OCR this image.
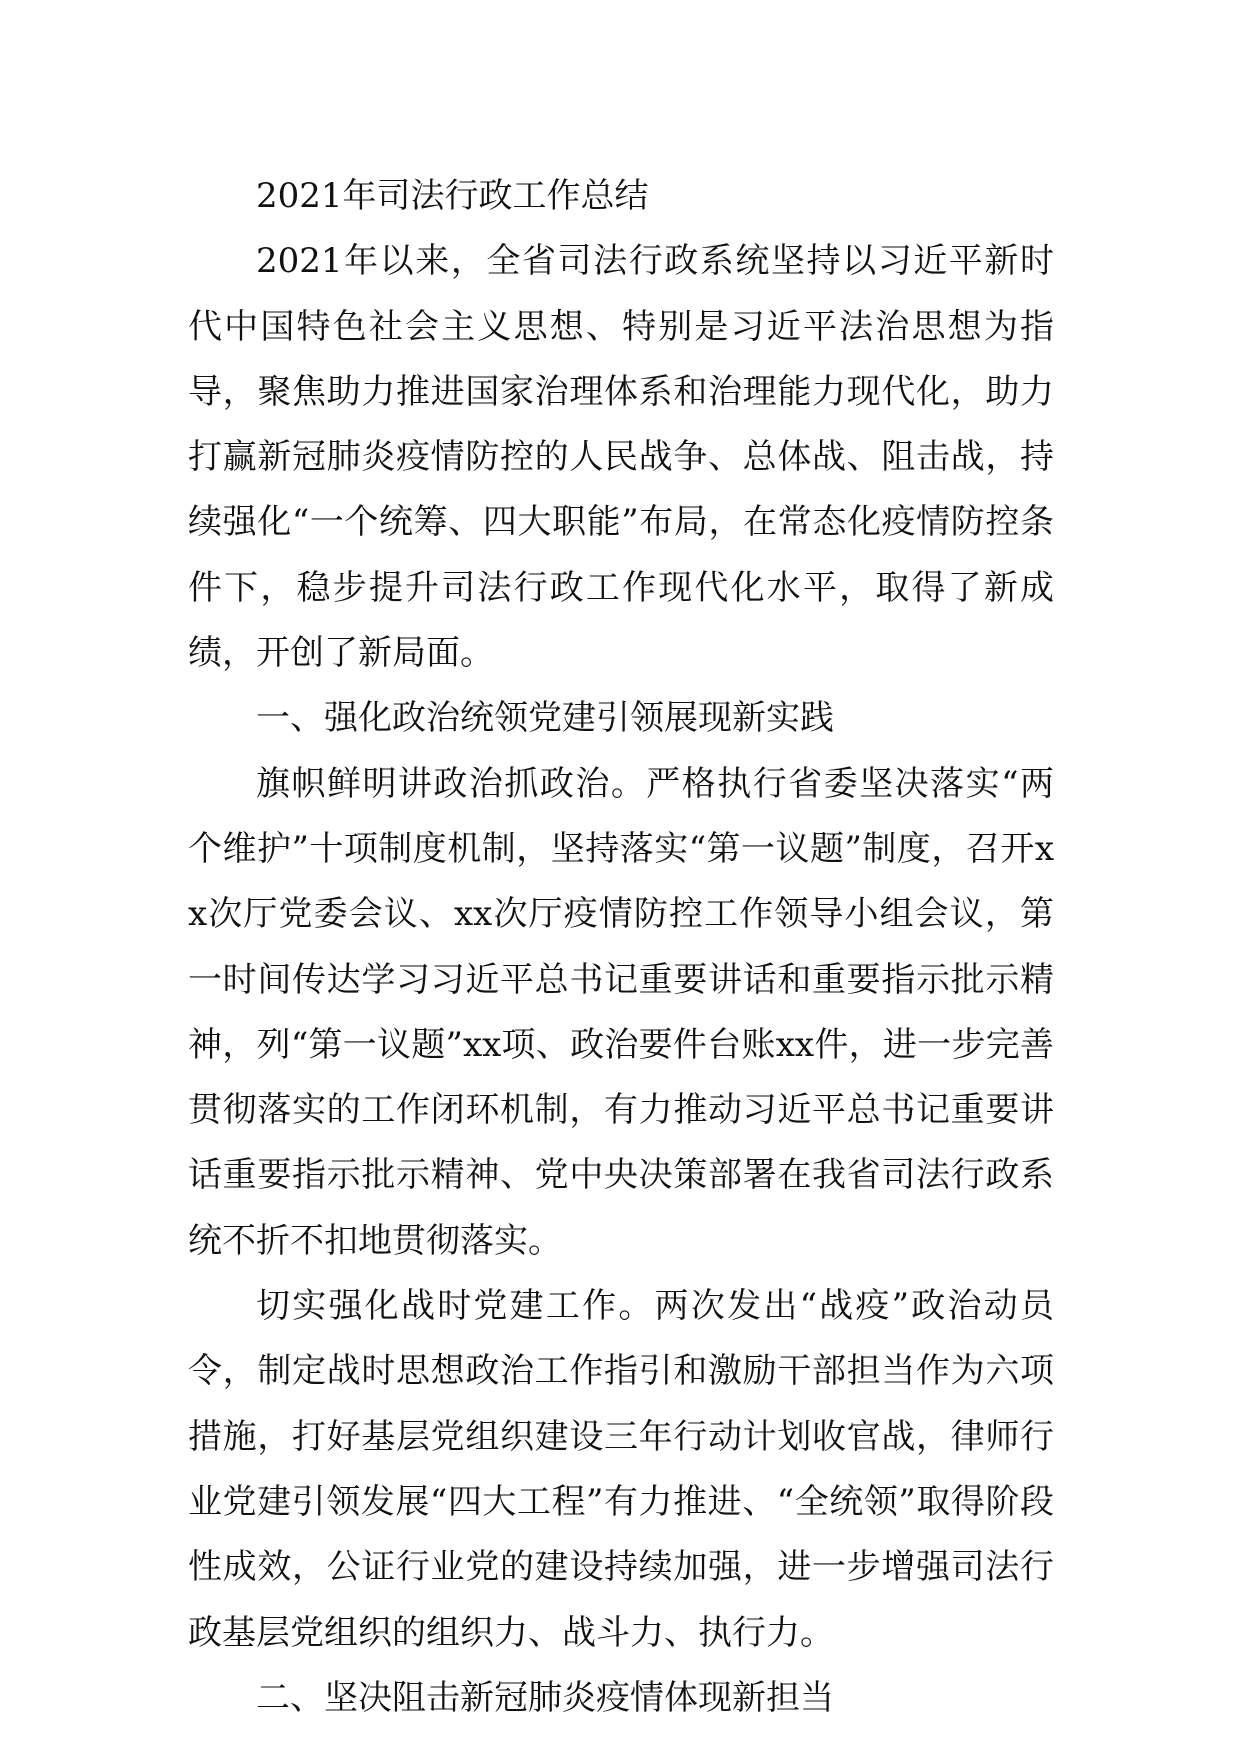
2021年司法行政工作总结

2021年以来，全省司法行政系统坚持以习近平新时代中国特色社会主义思想、特别是习近平法治思想为指导，聚焦助力推进国家治理体系和治理能力现代化，助力打赢新冠肺炎疫情防控的人民战争、总体战、阻击战，持续强化“一个统筹、四大职能”布局，在常态化疫情防控条件下，稳步提升司法行政工作现代化水平，取得了新成绩，开创了新局面。

一、强化政治统领党建引领展现新实践

旗帜鲜明讲政治抓政治。严格执行省委坚决落实“两个维护”十项制度机制，坚持落实“第一议题”制度，召开xx次厅党委会议、xx次厅疫情防控工作领导小组会议，第一时间传达学习习近平总书记重要讲话和重要指示批示精神，列“第一议题”xx项、政治要件台账xx件，进一步完善贯彻落实的工作闭环机制，有力推动习近平总书记重要讲话重要指示批示精神、党中央决策部署在我省司法行政系统不折不扣地贯彻落实。

切实强化战时党建工作。两次发出“战疫”政治动员令，制定战时思想政治工作指引和激励干部担当作为六项措施，打好基层党组织建设三年行动计划收官战，律师行业党建引领发展“四大工程”有力推进、“全统领”取得阶段性成效，公证行业党的建设持续加强，进一步增强司法行政基层党组织的组织力、战斗力、执行力。

二、坚决阻击新冠肺炎疫情体现新担当
